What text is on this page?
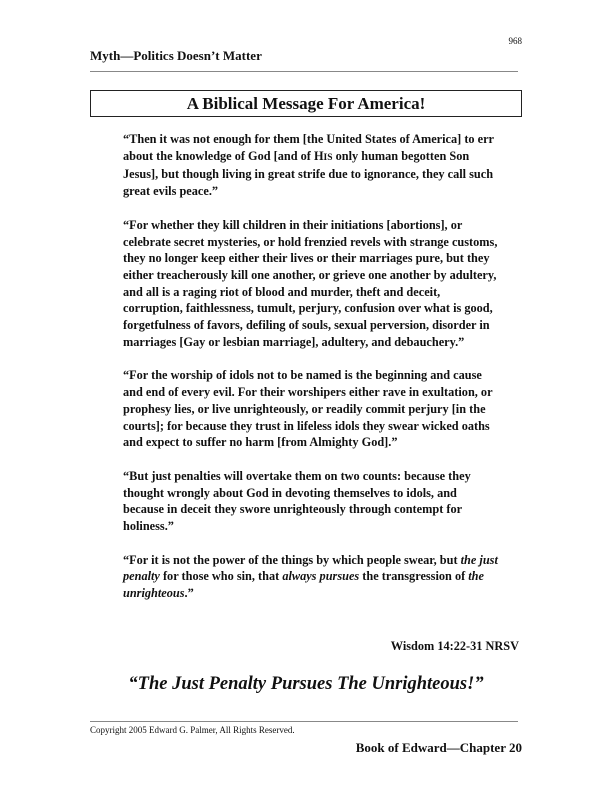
968
Myth—Politics Doesn’t Matter
A Biblical Message For America!

“Then it was not enough for them [the United States of America] to err about the knowledge of God [and of HIS only human begotten Son Jesus], but though living in great strife due to ignorance, they call such great evils peace.”

“For whether they kill children in their initiations [abortions], or celebrate secret mysteries, or hold frenzied revels with strange customs, they no longer keep either their lives or their marriages pure, but they either treacherously kill one another, or grieve one another by adultery, and all is a raging riot of blood and murder, theft and deceit, corruption, faithlessness, tumult, perjury, confusion over what is good, forgetfulness of favors, defiling of souls, sexual perversion, disorder in marriages [Gay or lesbian marriage], adultery, and debauchery.”

“For the worship of idols not to be named is the beginning and cause and end of every evil. For their worshipers either rave in exultation, or prophesy lies, or live unrighteously, or readily commit perjury [in the courts]; for because they trust in lifeless idols they swear wicked oaths and expect to suffer no harm [from Almighty God].”

“But just penalties will overtake them on two counts: because they thought wrongly about God in devoting themselves to idols, and because in deceit they swore unrighteously through contempt for holiness.”

“For it is not the power of the things by which people swear, but the just penalty for those who sin, that always pursues the transgression of the unrighteous.”

Wisdom 14:22-31 NRSV
“The Just Penalty Pursues The Unrighteous!”
Copyright 2005 Edward G. Palmer, All Rights Reserved.
Book of Edward—Chapter 20
